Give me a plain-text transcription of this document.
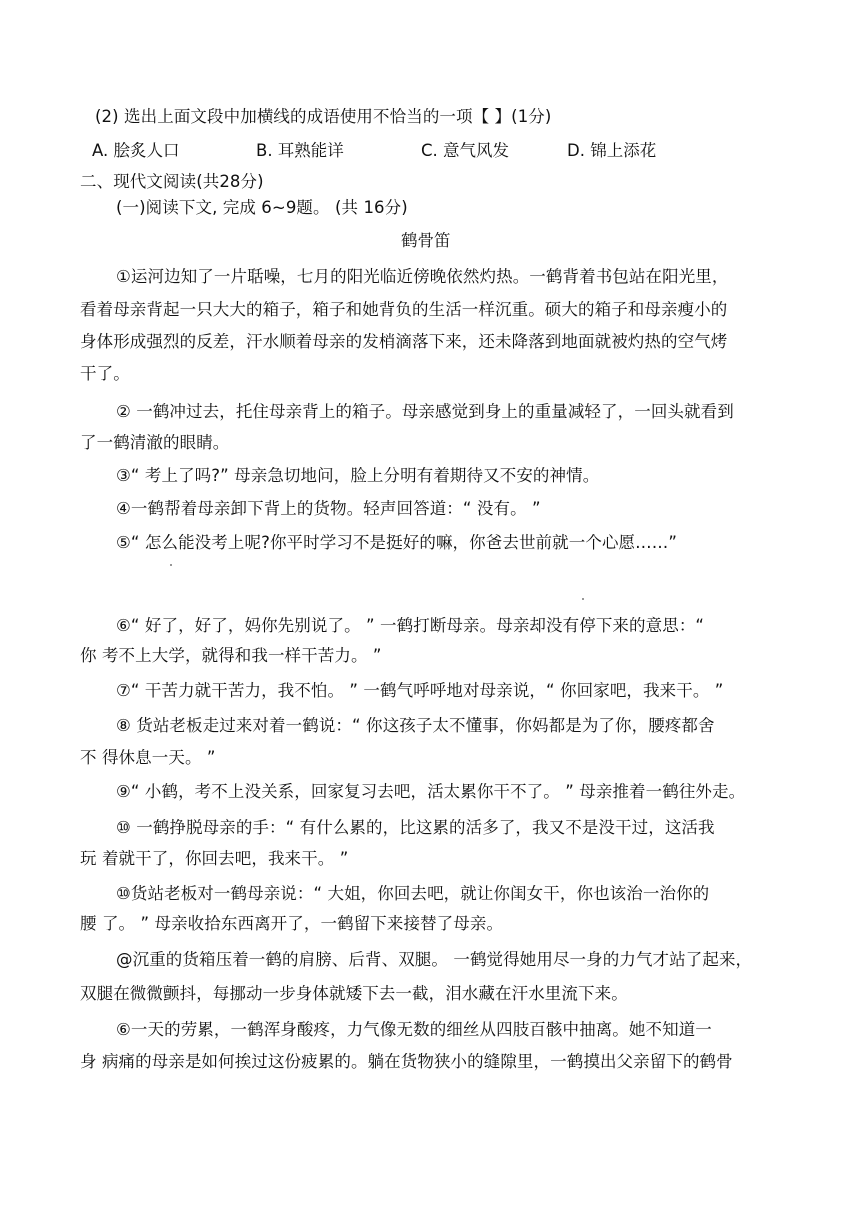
(2) 选出上面文段中加横线的成语使用不恰当的一项【 】(1分)
A. 脍炙人口	B. 耳熟能详	C. 意气风发	D. 锦上添花
二、现代文阅读(共28分)
(一)阅读下文, 完成 6~9题。 (共 16分)
鹤骨笛
①运河边知了一片聒噪，七月的阳光临近傍晚依然灼热。一鹤背着书包站在阳光里，
看着母亲背起一只大大的箱子，箱子和她背负的生活一样沉重。硕大的箱子和母亲瘦小的
身体形成强烈的反差，汗水顺着母亲的发梢滴落下来，还未降落到地面就被灼热的空气烤
干了。
② 一鹤冲过去，托住母亲背上的箱子。母亲感觉到身上的重量减轻了，一回头就看到
了一鹤清澈的眼睛。
③“ 考上了吗?” 母亲急切地问，脸上分明有着期待又不安的神情。
④一鹤帮着母亲卸下背上的货物。轻声回答道：“ 没有。 ”
⑤“ 怎么能没考上呢?你平时学习不是挺好的嘛，你爸去世前就一个心愿……”
⑥“ 好了，好了，妈你先别说了。 ” 一鹤打断母亲。母亲却没有停下来的意思：“
你 考不上大学，就得和我一样干苦力。 ”
⑦“ 干苦力就干苦力，我不怕。 ” 一鹤气呼呼地对母亲说，“ 你回家吧，我来干。 ”
⑧ 货站老板走过来对着一鹤说：“ 你这孩子太不懂事，你妈都是为了你，腰疼都舍
不 得休息一天。 ”
⑨“ 小鹤，考不上没关系，回家复习去吧，活太累你干不了。 ” 母亲推着一鹤往外走。
⑩ 一鹤挣脱母亲的手：“ 有什么累的，比这累的活多了，我又不是没干过，这活我
玩 着就干了，你回去吧，我来干。 ”
⑩货站老板对一鹤母亲说：“ 大姐，你回去吧，就让你闺女干，你也该治一治你的
腰 了。 ” 母亲收拾东西离开了，一鹤留下来接替了母亲。
@沉重的货箱压着一鹤的肩膀、后背、双腿。 一鹤觉得她用尽一身的力气才站了起来，
双腿在微微颤抖，每挪动一步身体就矮下去一截，泪水藏在汗水里流下来。
⑥一天的劳累，一鹤浑身酸疼，力气像无数的细丝从四肢百骸中抽离。她不知道一
身 病痛的母亲是如何挨过这份疲累的。躺在货物狭小的缝隙里，一鹤摸出父亲留下的鹤骨
